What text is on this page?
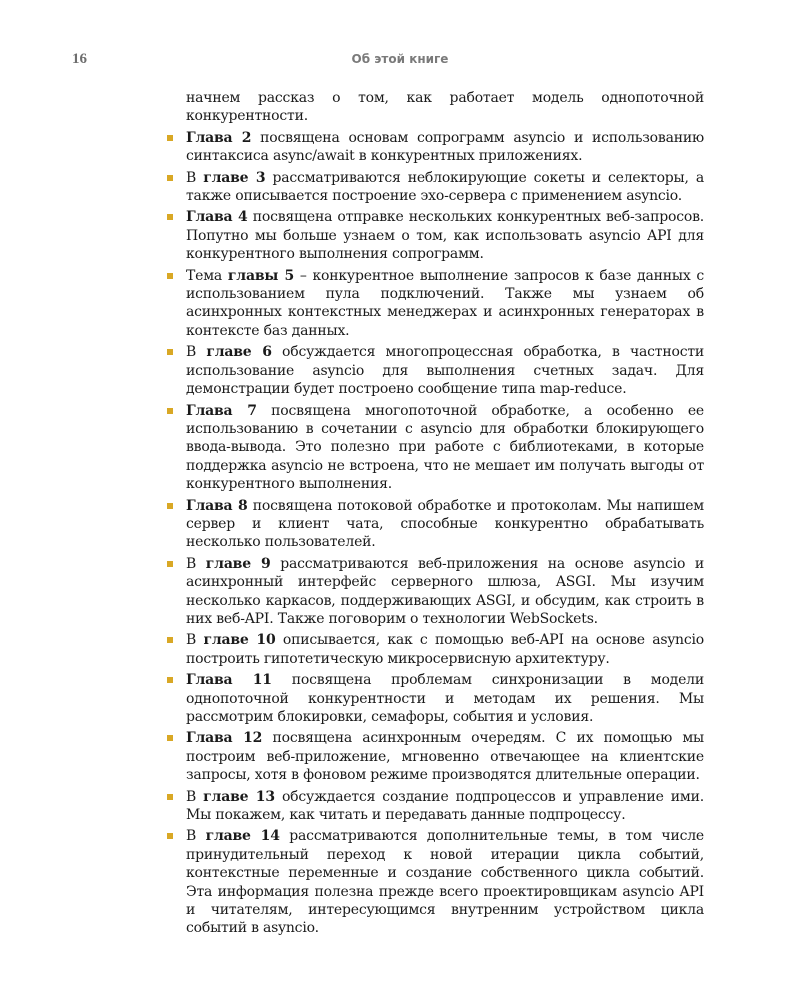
16	Об этой книге

начнем рассказ о том, как работает модель однопоточной конкурентности.

Глава 2 посвящена основам сопрограмм asyncio и использованию синтаксиса async/await в конкурентных приложениях.
В главе 3 рассматриваются неблокирующие сокеты и селекторы, а также описывается построение эхо-сервера с применением asyncio.
Глава 4 посвящена отправке нескольких конкурентных веб-запросов. Попутно мы больше узнаем о том, как использовать asyncio API для конкурентного выполнения сопрограмм.
Тема главы 5 – конкурентное выполнение запросов к базе данных с использованием пула подключений. Также мы узнаем об асинхронных контекстных менеджерах и асинхронных генераторах в контексте баз данных.
В главе 6 обсуждается многопроцессная обработка, в частности использование asyncio для выполнения счетных задач. Для демонстрации будет построено сообщение типа map-reduce.
Глава 7 посвящена многопоточной обработке, а особенно ее использованию в сочетании с asyncio для обработки блокирующего ввода-вывода. Это полезно при работе с библиотеками, в которые поддержка asyncio не встроена, что не мешает им получать выгоды от конкурентного выполнения.
Глава 8 посвящена потоковой обработке и протоколам. Мы напишем сервер и клиент чата, способные конкурентно обрабатывать несколько пользователей.
В главе 9 рассматриваются веб-приложения на основе asyncio и асинхронный интерфейс серверного шлюза, ASGI. Мы изучим несколько каркасов, поддерживающих ASGI, и обсудим, как строить в них веб-API. Также поговорим о технологии WebSockets.
В главе 10 описывается, как с помощью веб-API на основе asyncio построить гипотетическую микросервисную архитектуру.
Глава 11 посвящена проблемам синхронизации в модели однопоточной конкурентности и методам их решения. Мы рассмотрим блокировки, семафоры, события и условия.
Глава 12 посвящена асинхронным очередям. С их помощью мы построим веб-приложение, мгновенно отвечающее на клиентские запросы, хотя в фоновом режиме производятся длительные операции.
В главе 13 обсуждается создание подпроцессов и управление ими. Мы покажем, как читать и передавать данные подпроцессу.
В главе 14 рассматриваются дополнительные темы, в том числе принудительный переход к новой итерации цикла событий, контекстные переменные и создание собственного цикла событий. Эта информация полезна прежде всего проектировщикам asyncio API и читателям, интересующимся внутренним устройством цикла событий в asyncio.
